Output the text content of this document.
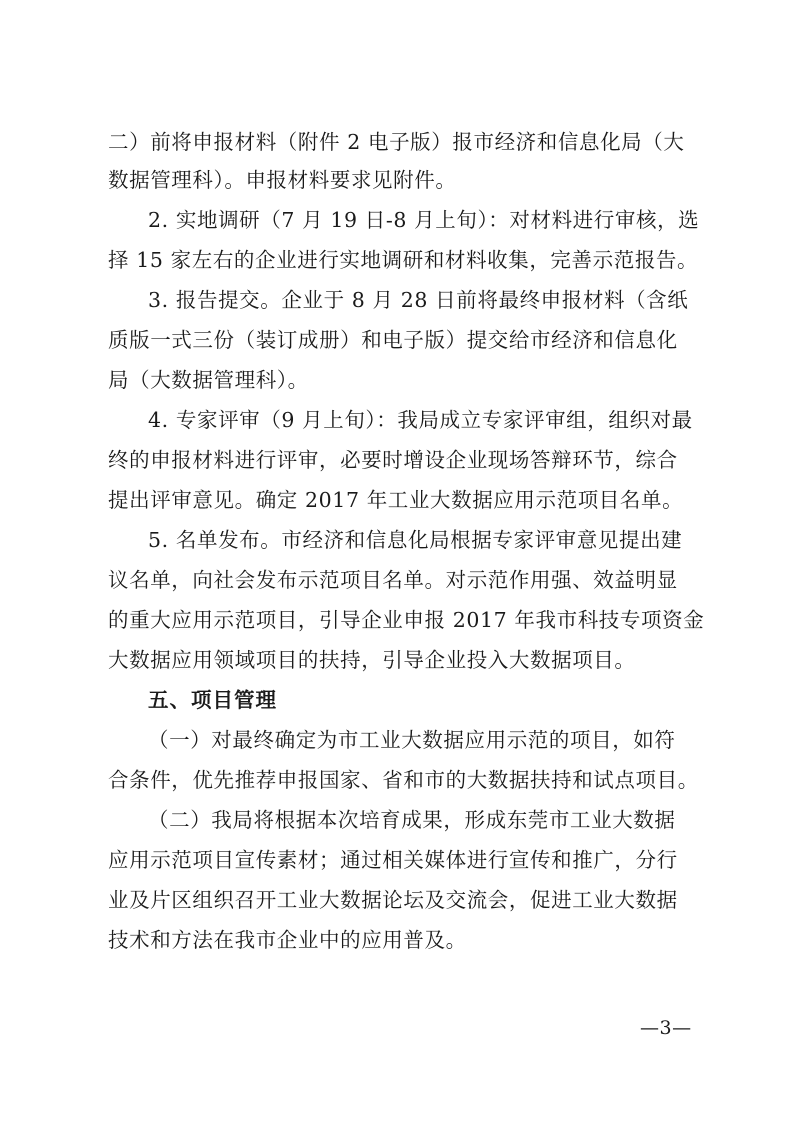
二）前将申报材料（附件 2 电子版）报市经济和信息化局（大
数据管理科）。申报材料要求见附件。
2. 实地调研（7 月 19 日-8 月上旬）：对材料进行审核，选
择 15 家左右的企业进行实地调研和材料收集，完善示范报告。
3. 报告提交。企业于 8 月 28 日前将最终申报材料（含纸
质版一式三份（装订成册）和电子版）提交给市经济和信息化
局（大数据管理科）。
4. 专家评审（9 月上旬）：我局成立专家评审组，组织对最
终的申报材料进行评审，必要时增设企业现场答辩环节，综合
提出评审意见。确定 2017 年工业大数据应用示范项目名单。
5. 名单发布。市经济和信息化局根据专家评审意见提出建
议名单，向社会发布示范项目名单。对示范作用强、效益明显
的重大应用示范项目，引导企业申报 2017 年我市科技专项资金
大数据应用领域项目的扶持，引导企业投入大数据项目。
五、项目管理
（一）对最终确定为市工业大数据应用示范的项目，如符
合条件，优先推荐申报国家、省和市的大数据扶持和试点项目。
（二）我局将根据本次培育成果，形成东莞市工业大数据
应用示范项目宣传素材；通过相关媒体进行宣传和推广，分行
业及片区组织召开工业大数据论坛及交流会，促进工业大数据
技术和方法在我市企业中的应用普及。
—3—
